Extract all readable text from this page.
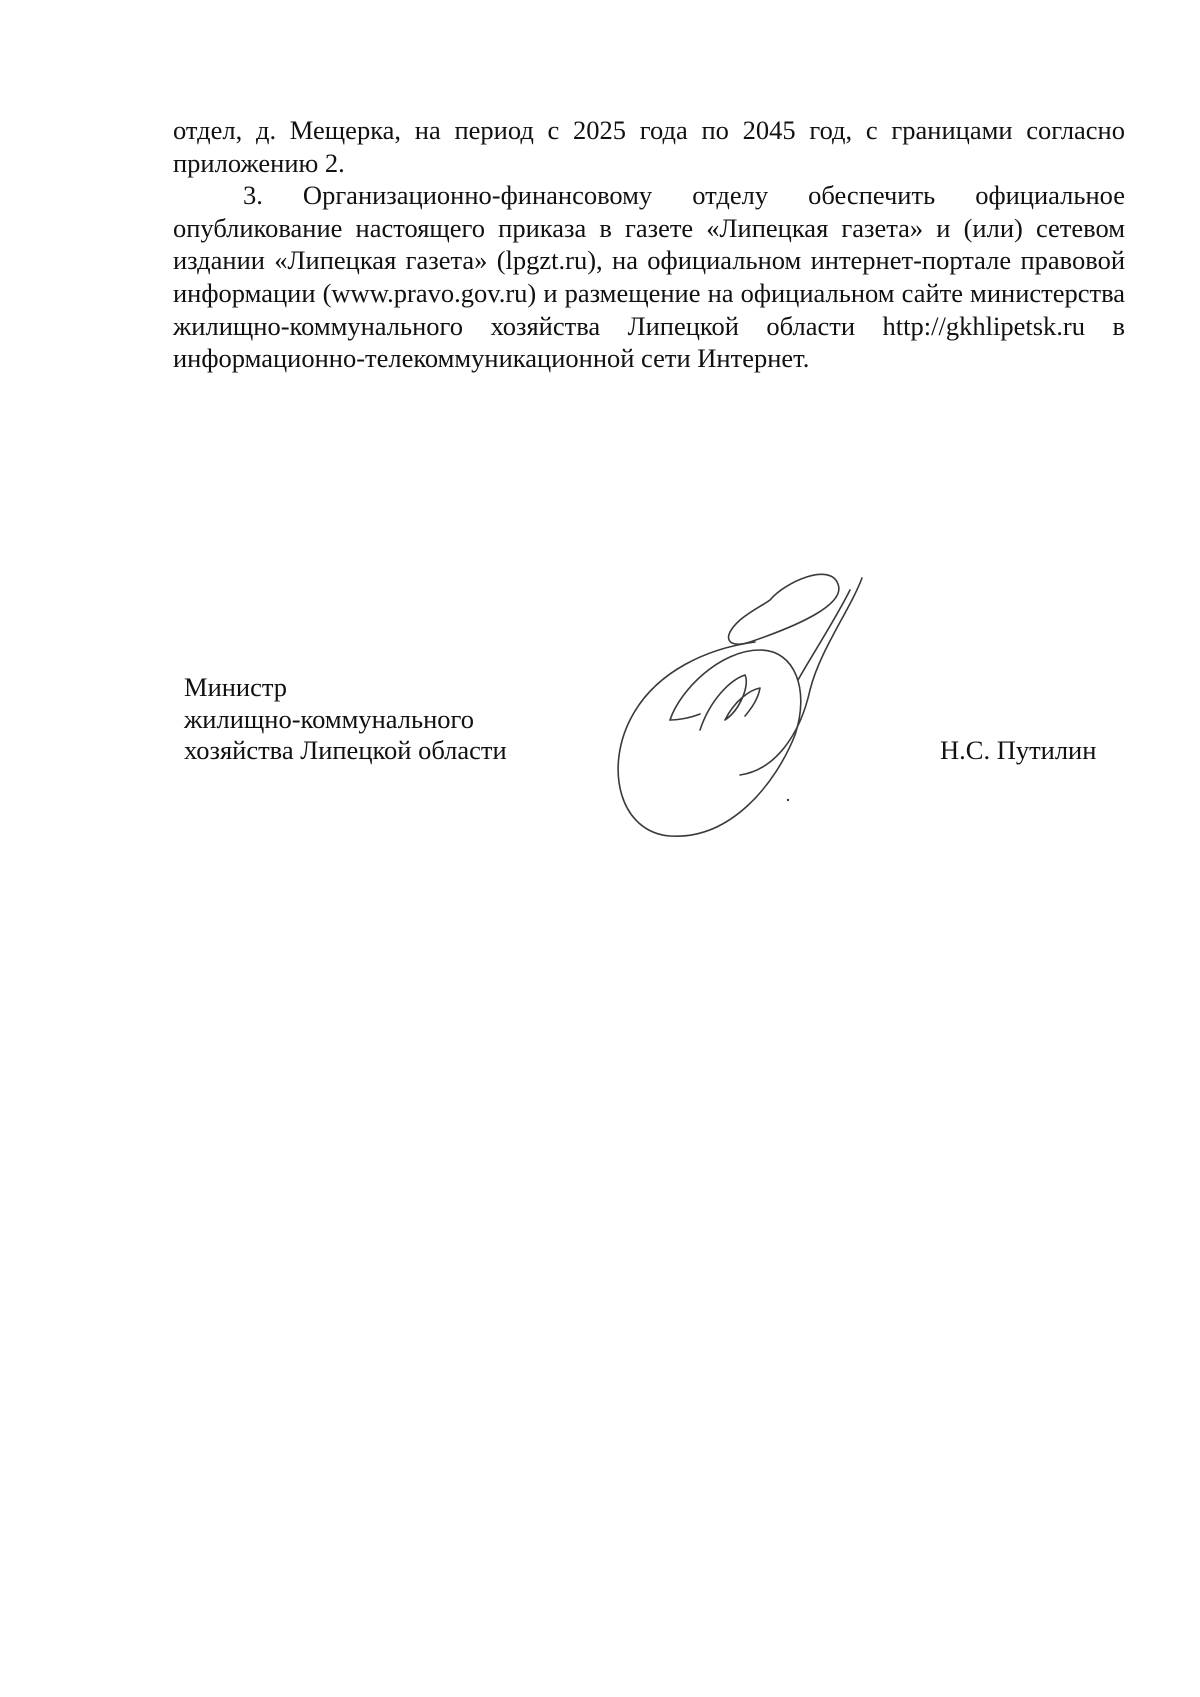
отдел, д. Мещерка, на период с 2025 года по 2045 год, с границами согласно приложению 2.

3. Организационно-финансовому отделу обеспечить официальное опубликование настоящего приказа в газете «Липецкая газета» и (или) сетевом издании «Липецкая газета» (lpgzt.ru), на официальном интернет-портале правовой информации (www.pravo.gov.ru) и размещение на официальном сайте министерства жилищно-коммунального хозяйства Липецкой области http://gkhlipetsk.ru в информационно-телекоммуникационной сети Интернет.

Министр
жилищно-коммунального
хозяйства Липецкой области	Н.С. Путилин
